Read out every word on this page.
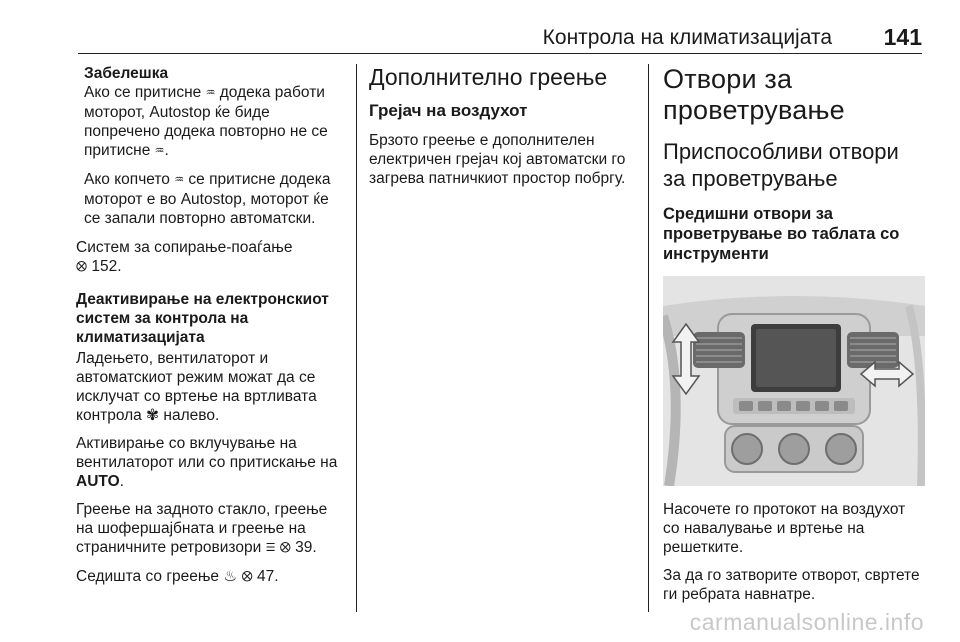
Контрола на климатизацијата 141
Забелешка

Ако се притисне ♒ додека работи моторот, Autostop ќе биде попречено додека повторно не се притисне ♒.

Ако копчето ♒ се притисне додека моторот е во Autostop, моторот ќе се запали повторно автоматски.

Систем за сопирање-поаѓање
⭙ 152.

Деактивирање на електронскиот систем за контрола на климатизацијата

Ладењето, вентилаторот и автоматскиот режим можат да се исклучат со вртење на вртливата контрола ✾ налево.

Активирање со вклучување на вентилаторот или со притискање на AUTO.

Греење на задното стакло, греење на шофершајбната и греење на страничните ретровизори ☰ ⭙ 39.

Седишта со греење ♨ ⭙ 47.

Дополнително греење
Грејач на воздухот

Брзото греење е дополнителен електричен грејач кој автоматски го загрева патничкиот простор побргу.

Отвори за проветрување
Приспособливи отвори за проветрување
Средишни отвори за проветрување во таблата со инструменти

Насочете го протокот на воздухот со навалување и вртење на решетките.

За да го затворите отворот, свртете ги ребрата навнатре.

carmanualsonline.info
